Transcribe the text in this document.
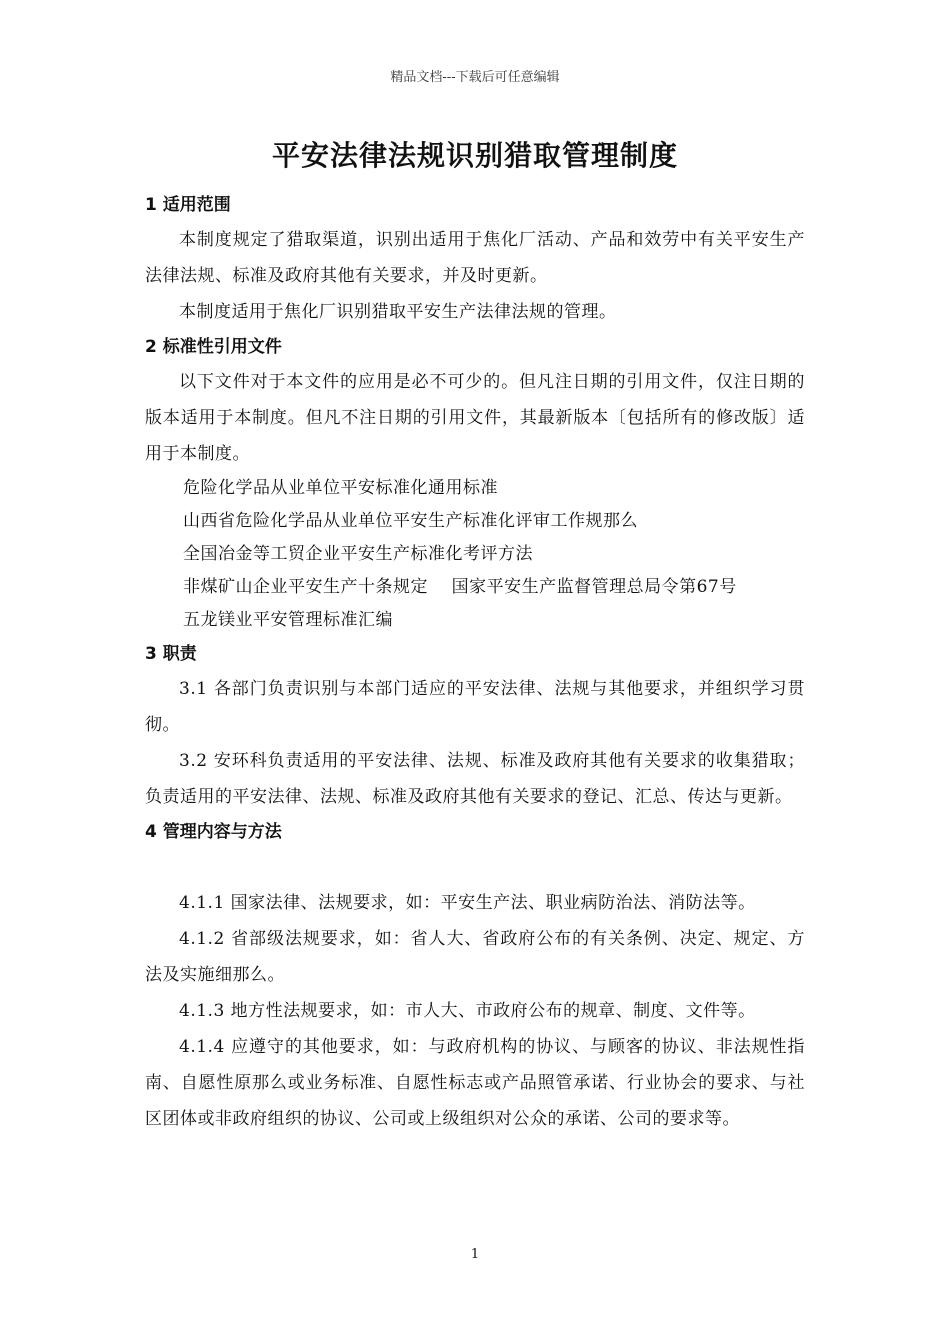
精品文档---下载后可任意编辑
平安法律法规识别猎取管理制度
1 适用范围

本制度规定了猎取渠道，识别出适用于焦化厂活动、产品和效劳中有关平安生产法律法规、标准及政府其他有关要求，并及时更新。

本制度适用于焦化厂识别猎取平安生产法律法规的管理。

2 标准性引用文件

以下文件对于本文件的应用是必不可少的。但凡注日期的引用文件，仅注日期的版本适用于本制度。但凡不注日期的引用文件，其最新版本〔包括所有的修改版〕适用于本制度。

危险化学品从业单位平安标准化通用标准

山西省危险化学品从业单位平安生产标准化评审工作规那么

全国冶金等工贸企业平安生产标准化考评方法

非煤矿山企业平安生产十条规定    国家平安生产监督管理总局令第67号

五龙镁业平安管理标准汇编

3 职责

3.1 各部门负责识别与本部门适应的平安法律、法规与其他要求，并组织学习贯彻。

3.2 安环科负责适用的平安法律、法规、标准及政府其他有关要求的收集猎取；负责适用的平安法律、法规、标准及政府其他有关要求的登记、汇总、传达与更新。

4 管理内容与方法

4.1.1 国家法律、法规要求，如：平安生产法、职业病防治法、消防法等。

4.1.2 省部级法规要求，如：省人大、省政府公布的有关条例、决定、规定、方法及实施细那么。

4.1.3 地方性法规要求，如：市人大、市政府公布的规章、制度、文件等。

4.1.4 应遵守的其他要求，如：与政府机构的协议、与顾客的协议、非法规性指南、自愿性原那么或业务标准、自愿性标志或产品照管承诺、行业协会的要求、与社区团体或非政府组织的协议、公司或上级组织对公众的承诺、公司的要求等。

1
